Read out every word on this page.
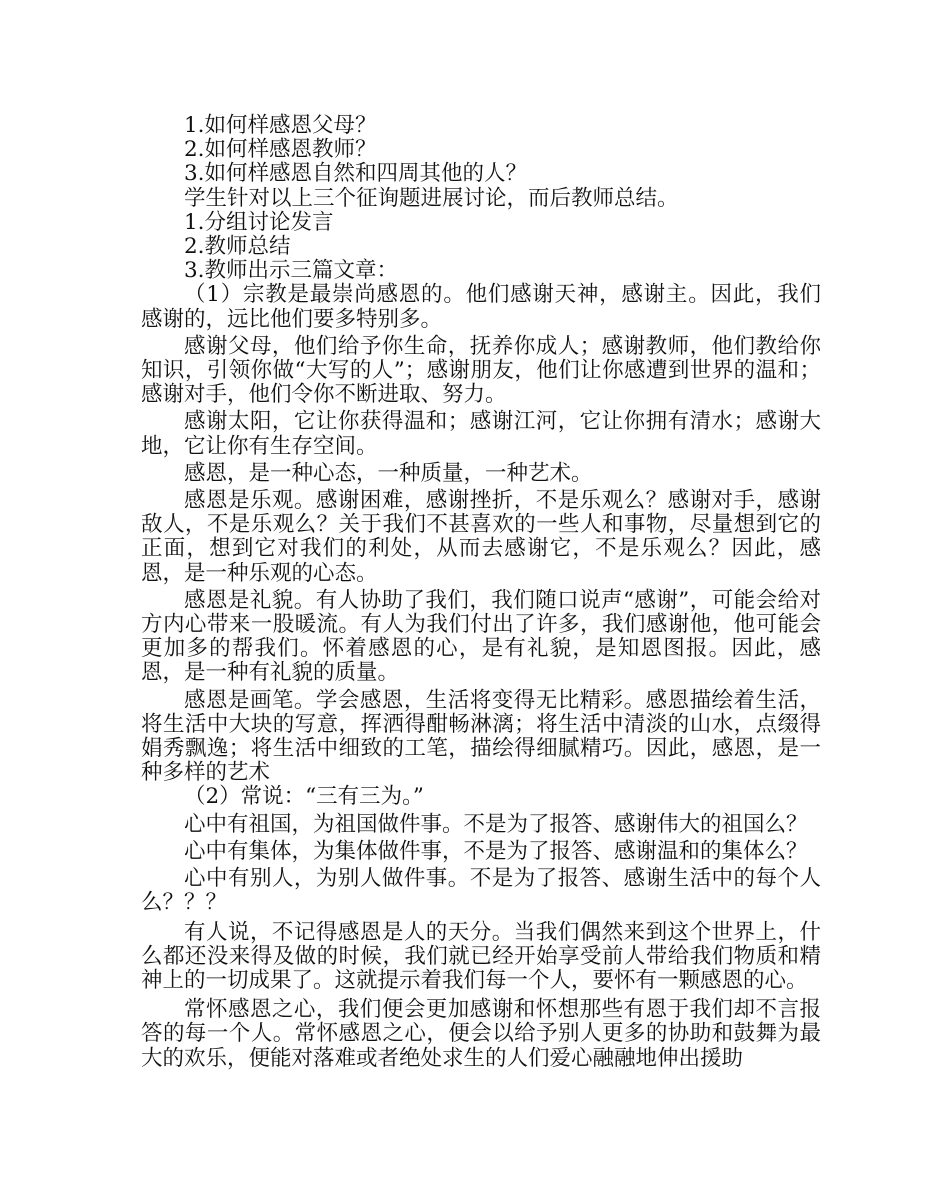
1.如何样感恩父母？

2.如何样感恩教师？

3.如何样感恩自然和四周其他的人？

学生针对以上三个征询题进展讨论，而后教师总结。

1.分组讨论发言

2.教师总结

3.教师出示三篇文章：

（1）宗教是最崇尚感恩的。他们感谢天神，感谢主。因此，我们感谢的，远比他们要多特别多。

感谢父母，他们给予你生命，抚养你成人；感谢教师，他们教给你知识，引领你做“大写的人”；感谢朋友，他们让你感遭到世界的温和；感谢对手，他们令你不断进取、努力。

感谢太阳，它让你获得温和；感谢江河，它让你拥有清水；感谢大地，它让你有生存空间。

感恩，是一种心态，一种质量，一种艺术。

感恩是乐观。感谢困难，感谢挫折，不是乐观么？感谢对手，感谢敌人，不是乐观么？关于我们不甚喜欢的一些人和事物，尽量想到它的正面，想到它对我们的利处，从而去感谢它，不是乐观么？因此，感恩，是一种乐观的心态。

感恩是礼貌。有人协助了我们，我们随口说声“感谢”，可能会给对方内心带来一股暖流。有人为我们付出了许多，我们感谢他，他可能会更加多的帮我们。怀着感恩的心，是有礼貌，是知恩图报。因此，感恩，是一种有礼貌的质量。

感恩是画笔。学会感恩，生活将变得无比精彩。感恩描绘着生活，将生活中大块的写意，挥洒得酣畅淋漓；将生活中清淡的山水，点缀得娟秀飘逸；将生活中细致的工笔，描绘得细腻精巧。因此，感恩，是一种多样的艺术

（2）常说：“三有三为。”

心中有祖国，为祖国做件事。不是为了报答、感谢伟大的祖国么？

心中有集体，为集体做件事，不是为了报答、感谢温和的集体么？

心中有别人，为别人做件事。不是为了报答、感谢生活中的每个人么？？？

有人说，不记得感恩是人的天分。当我们偶然来到这个世界上，什么都还没来得及做的时候，我们就已经开始享受前人带给我们物质和精神上的一切成果了。这就提示着我们每一个人，要怀有一颗感恩的心。

常怀感恩之心，我们便会更加感谢和怀想那些有恩于我们却不言报答的每一个人。常怀感恩之心，便会以给予别人更多的协助和鼓舞为最大的欢乐，便能对落难或者绝处求生的人们爱心融融地伸出援助
